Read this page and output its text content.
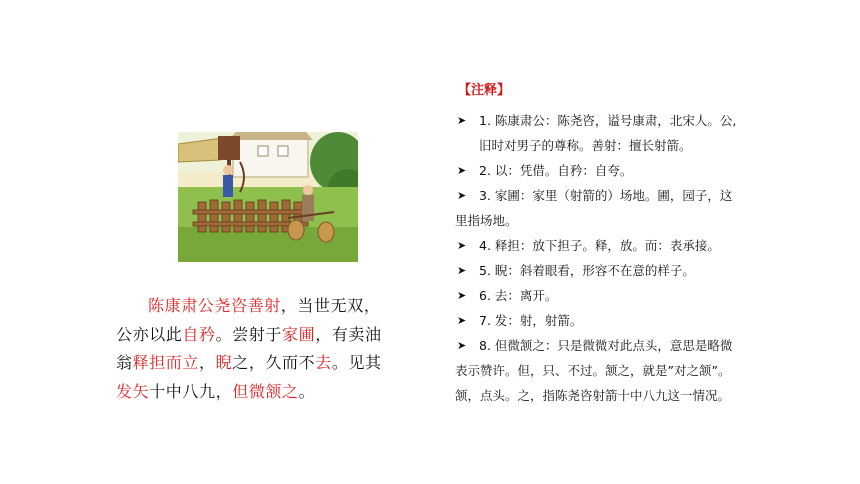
陈康肃公尧咨善射，当世无双，公亦以此自矜。尝射于家圃，有卖油翁释担而立，睨之，久而不去。见其发矢十中八九，但微颔之。
【注释】
➤ 1. 陈康肃公：陈尧咨，谥号康肃，北宋人。公,
旧时对男子的尊称。善射：擅长射箭。
➤ 2. 以：凭借。自矜：自夸。
➤ 3. 家圃：家里（射箭的）场地。圃，园子，这
里指场地。
➤ 4. 释担：放下担子。释，放。而：表承接。
➤ 5. 睨：斜着眼看，形容不在意的样子。
➤ 6. 去：离开。
➤ 7. 发：射，射箭。
➤ 8. 但微颔之：只是微微对此点头，意思是略微
表示赞许。但，只、不过。颔之，就是”对之颔”。
颔，点头。之，指陈尧咨射箭十中八九这一情况。
